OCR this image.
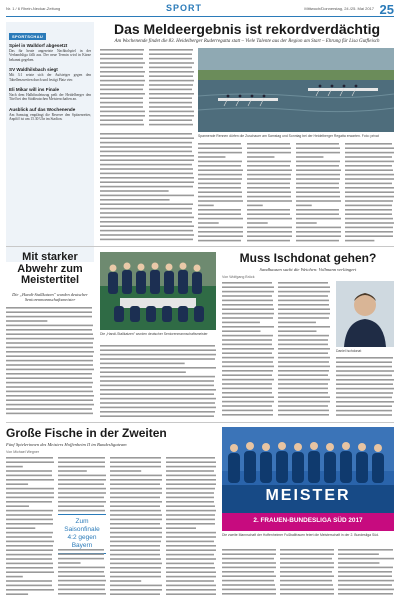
Nr. 1 / 6 Rhein-Neckar-Zeitung	SPORT	Mittwoch/Donnerstag, 24./25. Mai 2017 25
SPORTSCHAU
Spiel in Walldorf abgesetzt
Das für heute angesetzte Nachholspiel in der Verbandsliga fällt aus. Der neue Termin wird in Kürze bekannt gegeben.
SV Waldhilsbach siegt
Mit 3:1 setzte sich der Aufsteiger gegen den Tabellenzweiten durch und festigt Platz vier.
Eli Mikar will ins Finale
Nach dem Halbfinaleinzug peilt der Heidelberger den Titel bei den Süddeutschen Meisterschaften an.
Ausblick auf das Wochenende
Am Samstag empfängt die Reserve den Spitzenreiter, Anpfiff ist um 15.30 Uhr im Stadion.
Das Meldeergebnis ist rekordverdächtig
Am Wochenende findet die 83. Heidelberger Ruderregatta statt – Viele Talente aus der Region am Start – Ehrung für Lisa Gutfleisch
Spannende Rennen dürfen die Zuschauer am Samstag und Sonntag bei der Heidelberger Regatta erwarten. Foto: privat
Mit starker Abwehr zum Meistertitel
Die „Handi-Stallkatzen" wurden deutscher Seniorenmannschaftsmeister
Die „Handi-Stallkatzen" wurden deutscher Seniorenmannschaftsmeister
Muss Ischdonat gehen?
Sandhausen sucht die Weichen: Vollmann verlängert
Von Wolfgang Brück
Daniel Ischdonat
Große Fische in der Zweiten
Fünf Spielerinnen des Meisters Hoffenheim II im Bundesligateam
Von Michael Wegner
Zum Saisonfinale 4:2 gegen Bayern
MEISTER
2. FRAUEN-BUNDESLIGA SÜD 2017
Die zweite Mannschaft der Hoffenheimer Fußballfrauen feiert die Meisterschaft in der 2. Bundesliga Süd.
